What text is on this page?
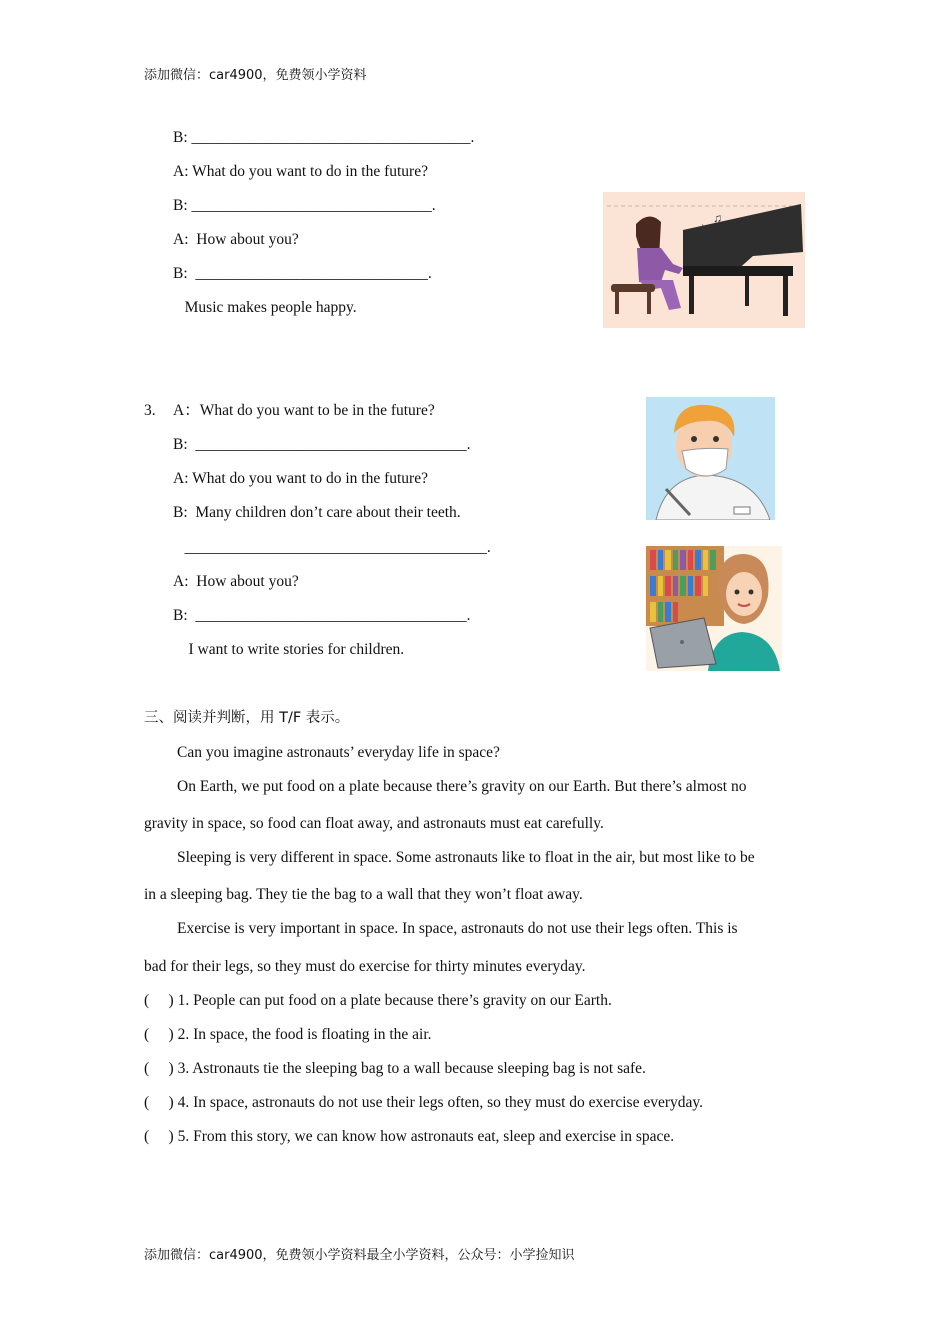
添加微信：car4900，免费领小学资料
B: ____________________________________.
A: What do you want to do in the future?
B: _______________________________.
A:  How about you?
B:  ______________________________.
Music makes people happy.
♪
♫
3. A：What do you want to be in the future?
B:  ___________________________________.
A: What do you want to do in the future?
B:  Many children don’t care about their teeth.
_______________________________________.
A:  How about you?
B:  ___________________________________.
I want to write stories for children.
三、阅读并判断，用 T/F 表示。
Can you imagine astronauts’ everyday life in space?
On Earth, we put food on a plate because there’s gravity on our Earth. But there’s almost no
gravity in space, so food can float away, and astronauts must eat carefully.
Sleeping is very different in space. Some astronauts like to float in the air, but most like to be
in a sleeping bag. They tie the bag to a wall that they won’t float away.
Exercise is very important in space. In space, astronauts do not use their legs often. This is
bad for their legs, so they must do exercise for thirty minutes everyday.
(     ) 1. People can put food on a plate because there’s gravity on our Earth.
(     ) 2. In space, the food is floating in the air.
(     ) 3. Astronauts tie the sleeping bag to a wall because sleeping bag is not safe.
(     ) 4. In space, astronauts do not use their legs often, so they must do exercise everyday.
(     ) 5. From this story, we can know how astronauts eat, sleep and exercise in space.
添加微信：car4900，免费领小学资料最全小学资料，公众号：小学捡知识
